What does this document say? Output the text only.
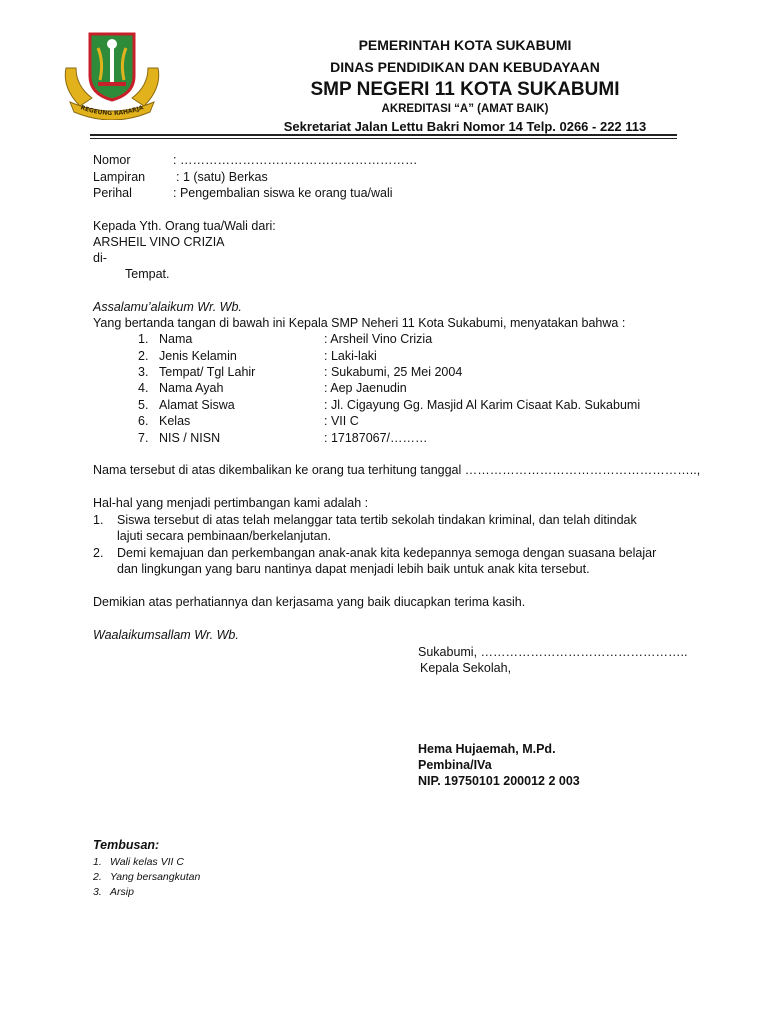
REGEUNG RAHARJA
PEMERINTAH KOTA SUKABUMI
DINAS PENDIDIKAN DAN KEBUDAYAAN
SMP NEGERI 11 KOTA SUKABUMI
AKREDITASI “A” (AMAT BAIK)
Sekretariat Jalan Lettu Bakri Nomor 14 Telp. 0266 - 222 113
Nomor	: …………………………………………………
Lampiran : 1 (satu) Berkas
Perihal	: Pengembalian siswa ke orang tua/wali
Kepada Yth. Orang tua/Wali dari:
ARSHEIL VINO CRIZIA
di-
Tempat.
Assalamu’alaikum Wr. Wb.
Yang bertanda tangan di bawah ini Kepala SMP Neheri 11 Kota Sukabumi, menyatakan bahwa :
1. Nama	: Arsheil Vino Crizia
2. Jenis Kelamin	: Laki-laki
3. Tempat/ Tgl Lahir	: Sukabumi, 25 Mei 2004
4. Nama Ayah	: Aep Jaenudin
5. Alamat Siswa	: Jl. Cigayung Gg. Masjid Al Karim Cisaat Kab. Sukabumi
6. Kelas	: VII C
7. NIS / NISN	: 17187067/………
Nama tersebut di atas dikembalikan ke orang tua terhitung tanggal ………………………………………………..,
Hal-hal yang menjadi pertimbangan kami adalah :
1. Siswa tersebut di atas telah melanggar tata tertib sekolah tindakan kriminal, dan telah ditindak
lajuti secara pembinaan/berkelanjutan.
2. Demi kemajuan dan perkembangan anak-anak kita kedepannya semoga dengan suasana belajar
dan lingkungan yang baru nantinya dapat menjadi lebih baik untuk anak kita tersebut.
Demikian atas perhatiannya dan kerjasama yang baik diucapkan terima kasih.
Waalaikumsallam Wr. Wb.
Sukabumi, …………………………………………..
Kepala Sekolah,
Hema Hujaemah, M.Pd.
Pembina/IVa
NIP. 19750101 200012 2 003
Tembusan:
1. Wali kelas VII C
2. Yang bersangkutan
3. Arsip
